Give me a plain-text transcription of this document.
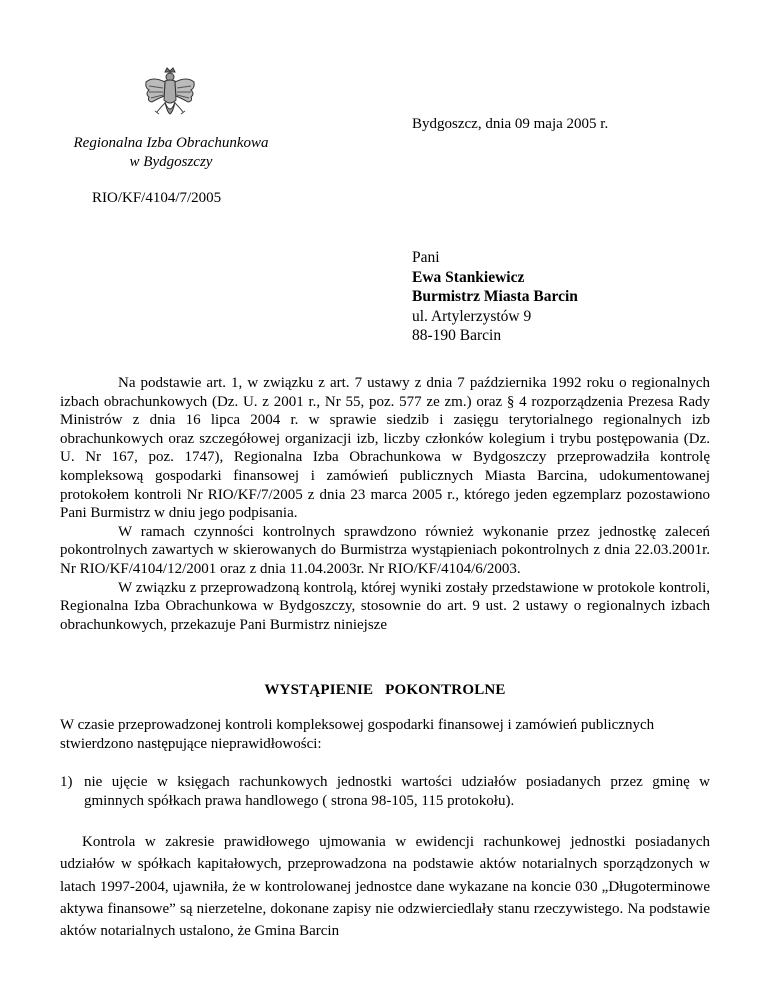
Bydgoszcz, dnia 09 maja 2005 r.
Regionalna Izba Obrachunkowa
w Bydgoszczy
RIO/KF/4104/7/2005
Pani
Ewa Stankiewicz
Burmistrz Miasta Barcin
ul. Artylerzystów 9
88-190 Barcin

Na podstawie art. 1, w związku z art. 7 ustawy z dnia 7 października 1992 roku o regionalnych izbach obrachunkowych (Dz. U. z 2001 r., Nr 55, poz. 577 ze zm.) oraz § 4 rozporządzenia Prezesa Rady Ministrów z dnia 16 lipca 2004 r. w sprawie siedzib i zasięgu terytorialnego regionalnych izb obrachunkowych oraz szczegółowej organizacji izb, liczby członków kolegium i trybu postępowania (Dz. U. Nr 167, poz. 1747), Regionalna Izba Obrachunkowa w Bydgoszczy przeprowadziła kontrolę kompleksową gospodarki finansowej i zamówień publicznych Miasta Barcina, udokumentowanej protokołem kontroli Nr RIO/KF/7/2005 z dnia 23 marca 2005 r., którego jeden egzemplarz pozostawiono Pani Burmistrz w dniu jego podpisania.

W ramach czynności kontrolnych sprawdzono również wykonanie przez jednostkę zaleceń pokontrolnych zawartych w skierowanych do Burmistrza wystąpieniach pokontrolnych z dnia 22.03.2001r. Nr RIO/KF/4104/12/2001 oraz z dnia 11.04.2003r. Nr RIO/KF/4104/6/2003.

W związku z przeprowadzoną kontrolą, której wyniki zostały przedstawione w protokole kontroli, Regionalna Izba Obrachunkowa w Bydgoszczy, stosownie do art. 9 ust. 2 ustawy o regionalnych izbach obrachunkowych, przekazuje Pani Burmistrz niniejsze

WYSTĄPIENIE   POKONTROLNE
W czasie przeprowadzonej kontroli kompleksowej gospodarki finansowej i zamówień publicznych stwierdzono następujące nieprawidłowości:
1) nie ujęcie w księgach rachunkowych jednostki wartości udziałów posiadanych przez gminę w gminnych spółkach prawa handlowego ( strona 98-105, 115 protokołu).

Kontrola w zakresie prawidłowego ujmowania w ewidencji rachunkowej jednostki posiadanych udziałów w spółkach kapitałowych, przeprowadzona na podstawie aktów notarialnych sporządzonych w latach 1997-2004, ujawniła, że w kontrolowanej jednostce dane wykazane na koncie 030 „Długoterminowe aktywa finansowe” są nierzetelne, dokonane zapisy nie odzwierciedlały stanu rzeczywistego. Na podstawie aktów notarialnych ustalono, że Gmina Barcin
